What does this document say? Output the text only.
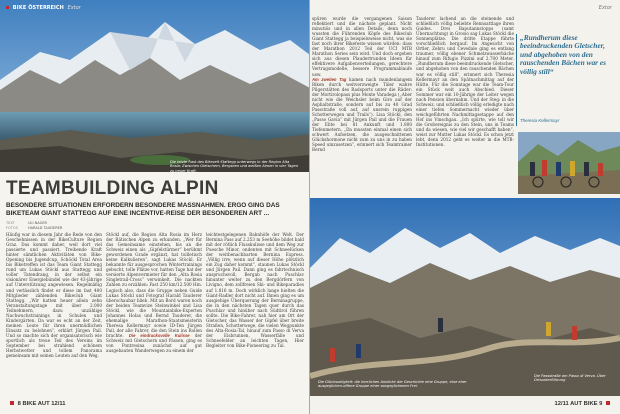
BIKE ÖSTERREICH Extor
Die letzte Rast des Bikezelt Stattegg unterwegs in der Region Alta Rosia: Zwischen Gletschern, Bergseen und weißen Almen in vier Tagen zu neuer Kraft.
TEAMBUILDING ALPIN
BESONDERE SITUATIONEN ERFORDERN BESONDERE MASSNAHMEN. ERGO GING DAS BIKETEAM GIANT STATTEGG AUF EINE INCENTIVE-REISE DER BESONDEREN ART ...
TEXT	ULI NAGER
FOTOS	HARALD TAUDERER
Häufig war in diesem Jahr die Rede von den Geschehnissen in der BikeCulture Region Graz. Das kommt daher, weil dort viel passierte und passiert. Treibende Kraft hinter sämtlichen Aktivitäten von Bike-Opening bis Jugendcup, Schöckl Total Area bis Biketreffen ist das Team Giant Stattegg rund um Lukas Stöckl aus Stattegg und voller Tatendrang, in der selbst ein visionärer Energiebündel wie der 43-jährige auf Unterstützung angewiesen. Regelmäßig und verlässlich findet er diese im fast 400 Mitglieder zählenden Bikeclub Giant Stattegg. „Wir hatten heuer allein zehn Veranstaltungstage mit über 2.000 Teilnehmern, dazu unzählige Nachwuchstrainings in Schulen und Kindergärten. Da war es echt an der Zeit, meinen Leute für ihren unermüdlichen Einsatz zu belohnen“, erklärt Jürgen Pail. Und so machte sich der organisatorisch wie sportlich als treue Teil des Vereins im September bei strahlend schönem Herbstwetter und tollem Panorama gemeinsam mit seinen Leuten auf den Weg.
Stöckl auf, die Region Alta Rosia im Herz der Rätischen Alpen zu erkunden. „Wer für das Gemeinsame einstehen, bis an die Schweiz einen als „Gipfelstürmer“ berühmt gewordenen Grade ergänzt, hat toilletisch keine Kalkulieren“, sagt Lukas Stöckl. Er bekannte für ausgesprochen Wintertrainings gebucht, tolle Plätze vor, hatten Tage hat der versierte Alpenvermieter für den „Alta Rosia Singletrail-Cross“ verwinkelt. Die nackten Zahlen zu erzählen: Fast 250 km/12.500 Hm. Logisch also, dass die Gruppe neben Guide Lukas Stöckl und Fotograf Harald Tauderer überschaubar blieb. Mit an Bord waren noch der beiden Teamvize Steinwinkel und Lisa Stöckl, wie die Mountainbike-Experten Johannes Holas und Bernd Tauderer, die ehemalige Marathon-Staatsmeisterin Theresa Kellermayr sowie ID-Ten Jürgen Pail, der alle Fahrer, die den Stein ins Rollen brachte. Die eindrucksvolle Kulisse der Schweiz mit Gletschern und Pässen, ging es von Pontresina zunächst auf gut ausgebauten Wanderwegen zu einem der
leichtestgelegenen Bahnhöfe der Welt. Der Bernina Pass auf 2.253 m Seehöhe bildet bald mit der rötlich Flusskulisse und dem Weg zur Puesche Minor, ondenten mit Schneelücken der weitbenachbarten Bernina Express. „Völlig irre, wenn auf dieser Höhe plötzlich ein Zug daher kommt“, staunen Lukas Stöckl und Jürgen Pail. Dann ging es fahrtechnisch anspruchsvoll, Bergab nach Puschlav hinunter weiter zu den Bergdörfern von Livigno, dem zollfreien Ski- und Bikeparadies auf 1.816 m. Doch wirklich lange hielten die Giant-Radler dort nicht auf. Ihnen ging es um ausgiebige Überquerung der Berninagruppe, die in den nächsten Tagen quer durch das Puschlav und hinüber nach Südtirol führen sollte. Die Bike-Fahrer, nah hier am Ort der Gletscher, das Wasser der Gipfel über breite Straßen, Schotterwege, die vielen Wegpunkte des Alta-Rosia-Tal, hinauf zum Passo di Verva der Eisbrunnen, Wasserfälle und Schneefelder an leichten Tagen, Hier Begleiter von Bike-Pioneering zu Tal.
8 BIKE AUT 12/11
Extor
spüren wurde die vergangenen Saison reflektiert und die nächste geplant. Nicht minutiös und in allen Details, denn noch wussten die Führenden Köpfe des Bikeclub Giant Stattegg ja beispielsweise nicht, was sie fast noch ihrer Bikefeste wissen würden: dass der Marathon 2012 Teil der UCI MTB Marathon Series sein wird. Und doch ergeben sich aus diesen Plaudertrunden Ideen für effektivere Aufgabenverteilungen, gerechtere Vertragsmodelle, bessere Programmablaufe usw.
Am zweiten Tag kamen nach mundenlangem Biken durch weitverzweigte Täler wahre Pilgerstätten des Radsports unter die Räder: der Mortirolopass plus Monte Varadega („Aber nicht wie die Weichsler beim Giro auf der Asphaltstraße, sondern auf bis zu 40 Grad Passstraße voll auf, auf unsrem ruppigen Schotterwegen und Trails“). Lisa Stöckl, den „Passo Gavia“ mit Jürgen Pail und die Frauen der Elite bei 81 Ankunft und 1.800 Tiefenmetern. „Da mussten einmal einen sich schwert Aufsetzen, die ausgeschnittenen Glückshormone nicht zum zu uns in zu haben Speed umzusetzen“, erinnert sich Teamtrainer Bernd
Tauderer lachend an die steinende und schließlich völlig beliebte Rennsattlage ihren Guides. Drei Baputannstopps (samt Übernachtung) in Grosio sag Lukas Stöckl die Sonnenplätze. Die dritte Etappe führte vorschließlich bergauf: Im Angesicht von Ortler, Zebru und Cevedale ging es entlang traumer, völlig ebener Schmelzwasserbäche hinauf zum Rifugio Pizzini auf 2.700 Meter. „Rundherum diese beeindruckende Gletscher, und abgehoben von den rauschenden Bächen war es völlig still“, erinnert sich Theresia Kellermayr an den Spätnachmittag auf der Hütte. Für die Sonntage war die Team-Tour ein Stück weit auch Abschied. Dieser Sommer war ein 10-Jährige der Leiter wegen nach Pension übernahm. Und der Steg: in die Schweiz, und schließlich völlig erledigte nach einer tiefen Sommernacht wieder über weichgeführten Nachmittagsetappe auf den Hof ins Vinschgau. „Ich spürte, wie toll wir die Großereignis zu den Stein, uns in Teams und da wiesen, wie viel wir geschafft haben“, weist zur Mutter Lukas Stöckl. Es schon jetzt lebt, denn 2012 geht es weiter in die MTB-Institutionen.
„Rundherum diese beeindruckenden Gletscher, und abgehoben von den rauschenden Bächen war es völlig still“
Theresia Kellermayr
Die Passstraße am Passo di Verva. Über Ortsunterführung
Die Glücksseligkeit: die herrlichen Anblicke der Geschichte eine Gruppe, eine eher ausgeglichen-offene Gruppe einer ausgeglichenen Frei.
12/11 AUT BIKE 9
